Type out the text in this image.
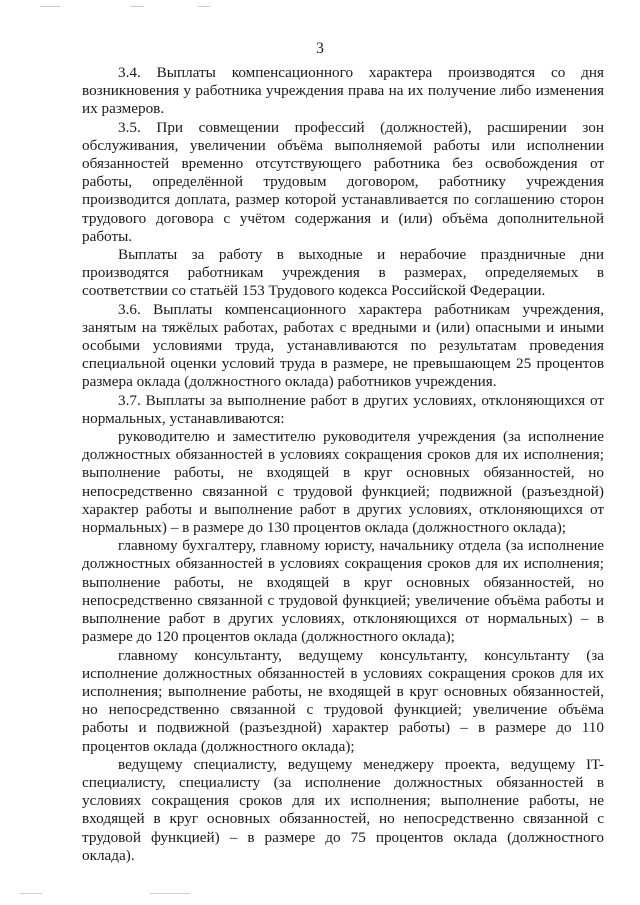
3

3.4. Выплаты компенсационного характера производятся со дня возникновения у работника учреждения права на их получение либо изменения их размеров.

3.5. При совмещении профессий (должностей), расширении зон обслуживания, увеличении объёма выполняемой работы или исполнении обязанностей временно отсутствующего работника без освобождения от работы, определённой трудовым договором, работнику учреждения производится доплата, размер которой устанавливается по соглашению сторон трудового договора с учётом содержания и (или) объёма дополнительной работы.

Выплаты за работу в выходные и нерабочие праздничные дни производятся работникам учреждения в размерах, определяемых в соответствии со статьёй 153 Трудового кодекса Российской Федерации.

3.6. Выплаты компенсационного характера работникам учреждения, занятым на тяжёлых работах, работах с вредными и (или) опасными и иными особыми условиями труда, устанавливаются по результатам проведения специальной оценки условий труда в размере, не превышающем 25 процентов размера оклада (должностного оклада) работников учреждения.

3.7. Выплаты за выполнение работ в других условиях, отклоняющихся от нормальных, устанавливаются:

руководителю и заместителю руководителя учреждения (за исполнение должностных обязанностей в условиях сокращения сроков для их исполнения; выполнение работы, не входящей в круг основных обязанностей, но непосредственно связанной с трудовой функцией; подвижной (разъездной) характер работы и выполнение работ в других условиях, отклоняющихся от нормальных) – в размере до 130 процентов оклада (должностного оклада);

главному бухгалтеру, главному юристу, начальнику отдела (за исполнение должностных обязанностей в условиях сокращения сроков для их исполнения; выполнение работы, не входящей в круг основных обязанностей, но непосредственно связанной с трудовой функцией; увеличение объёма работы и выполнение работ в других условиях, отклоняющихся от нормальных) – в размере до 120 процентов оклада (должностного оклада);

главному консультанту, ведущему консультанту, консультанту (за исполнение должностных обязанностей в условиях сокращения сроков для их исполнения; выполнение работы, не входящей в круг основных обязанностей, но непосредственно связанной с трудовой функцией; увеличение объёма работы и подвижной (разъездной) характер работы) – в размере до 110 процентов оклада (должностного оклада);

ведущему специалисту, ведущему менеджеру проекта, ведущему IT-специалисту, специалисту (за исполнение должностных обязанностей в условиях сокращения сроков для их исполнения; выполнение работы, не входящей в круг основных обязанностей, но непосредственно связанной с трудовой функцией) – в размере до 75 процентов оклада (должностного оклада).
